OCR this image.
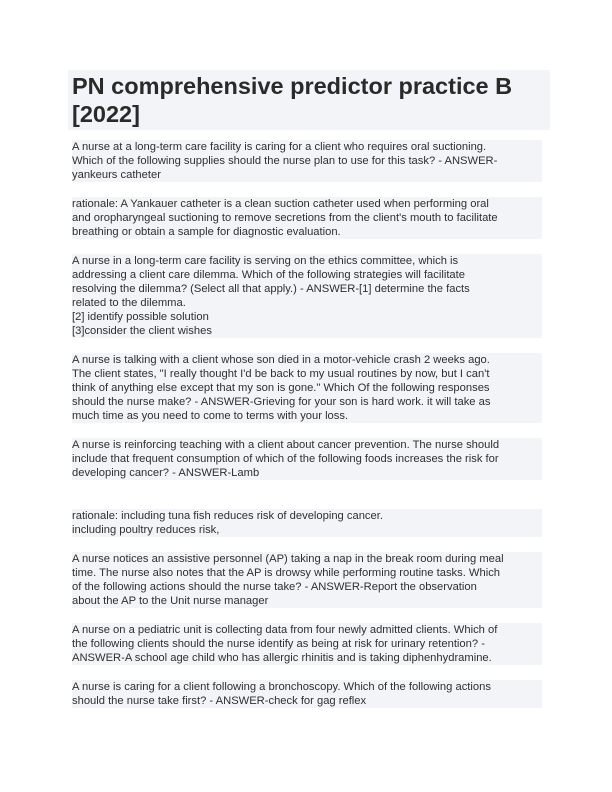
PN comprehensive predictor practice B
[2022]

A nurse at a long-term care facility is caring for a client who requires oral suctioning.
Which of the following supplies should the nurse plan to use for this task? - ANSWER-
yankeurs catheter

rationale: A Yankauer catheter is a clean suction catheter used when performing oral
and oropharyngeal suctioning to remove secretions from the client's mouth to facilitate
breathing or obtain a sample for diagnostic evaluation.

A nurse in a long-term care facility is serving on the ethics committee, which is
addressing a client care dilemma. Which of the following strategies will facilitate
resolving the dilemma? (Select all that apply.) - ANSWER-[1] determine the facts
related to the dilemma.
[2] identify possible solution
[3]consider the client wishes

A nurse is talking with a client whose son died in a motor-vehicle crash 2 weeks ago.
The client states, "I really thought I'd be back to my usual routines by now, but I can't
think of anything else except that my son is gone." Which Of the following responses
should the nurse make? - ANSWER-Grieving for your son is hard work. it will take as
much time as you need to come to terms with your loss.

A nurse is reinforcing teaching with a client about cancer prevention. The nurse should
include that frequent consumption of which of the following foods increases the risk for
developing cancer? - ANSWER-Lamb

rationale: including tuna fish reduces risk of developing cancer.
including poultry reduces risk,

A nurse notices an assistive personnel (AP) taking a nap in the break room during meal
time. The nurse also notes that the AP is drowsy while performing routine tasks. Which
of the following actions should the nurse take? - ANSWER-Report the observation
about the AP to the Unit nurse manager

A nurse on a pediatric unit is collecting data from four newly admitted clients. Which of
the following clients should the nurse identify as being at risk for urinary retention? -
ANSWER-A school age child who has allergic rhinitis and is taking diphenhydramine.

A nurse is caring for a client following a bronchoscopy. Which of the following actions
should the nurse take first? - ANSWER-check for gag reflex
